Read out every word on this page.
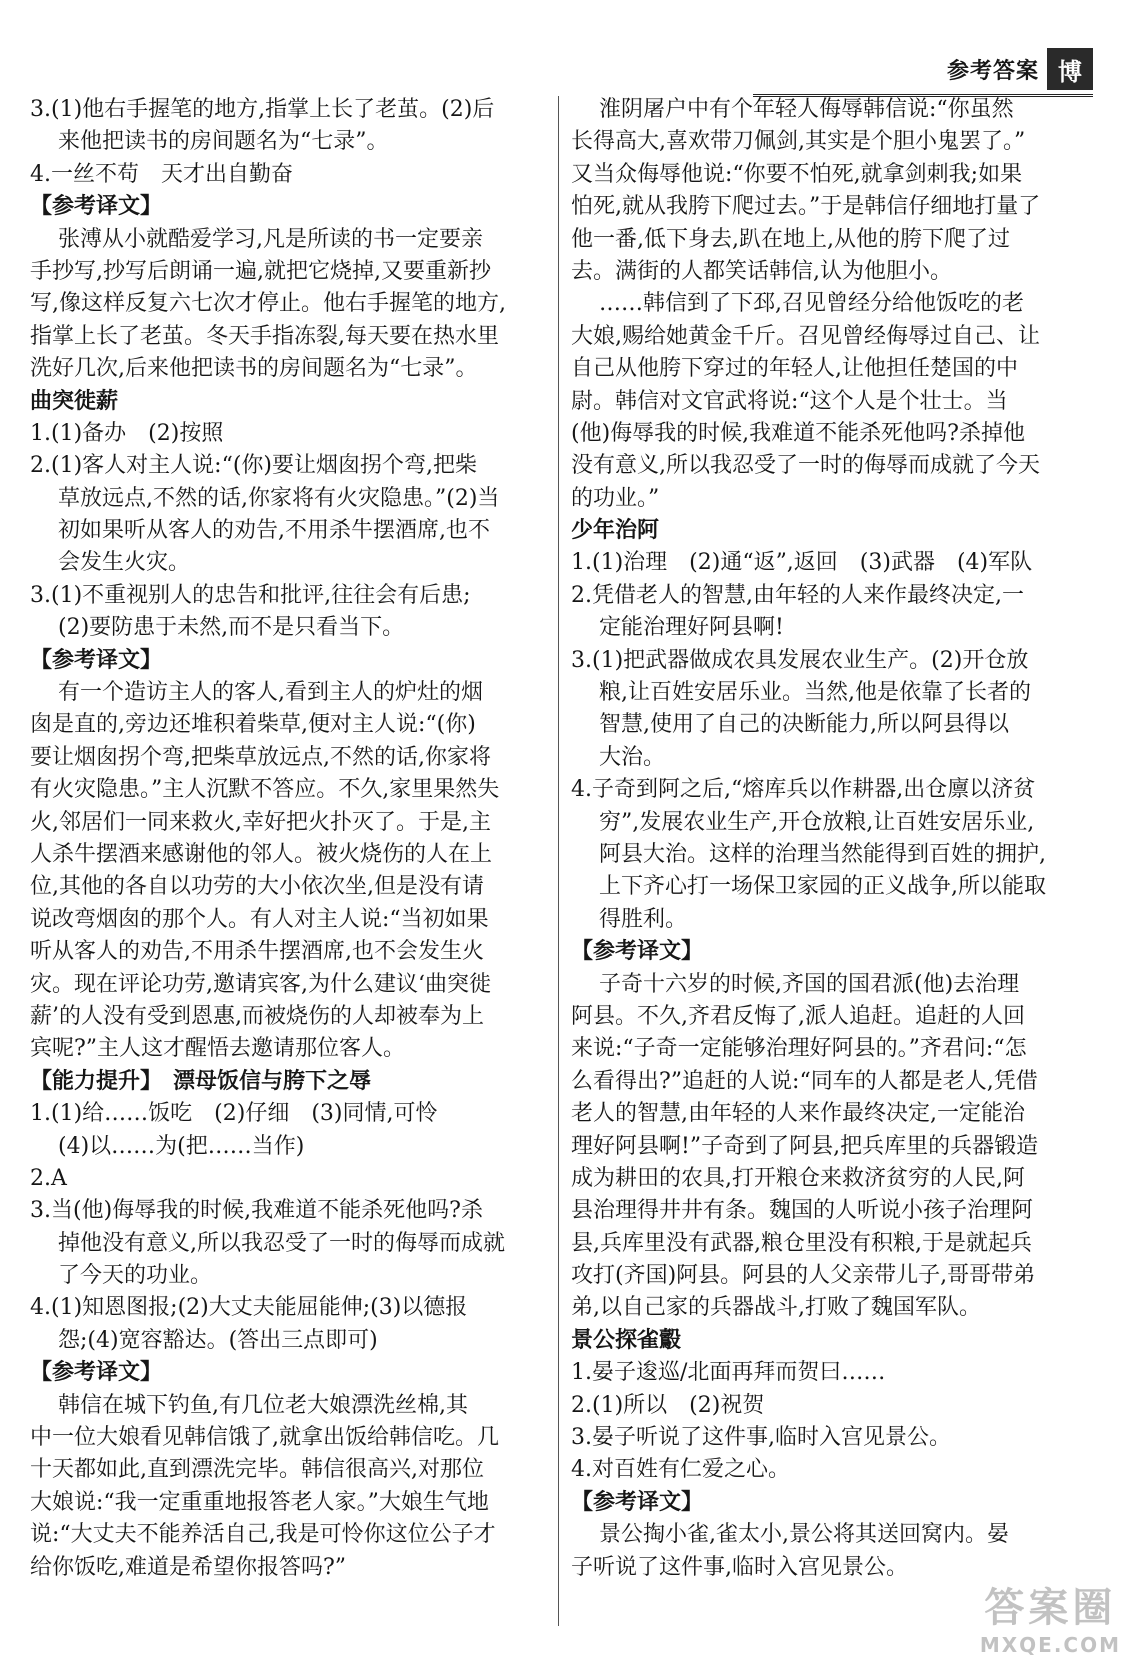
参考答案 博
3.(1)他右手握笔的地方,指掌上长了老茧。(2)后
来他把读书的房间题名为“七录”。
4.一丝不苟　天才出自勤奋
【参考译文】
张溥从小就酷爱学习,凡是所读的书一定要亲
手抄写,抄写后朗诵一遍,就把它烧掉,又要重新抄
写,像这样反复六七次才停止。他右手握笔的地方,
指掌上长了老茧。冬天手指冻裂,每天要在热水里
洗好几次,后来他把读书的房间题名为“七录”。
曲突徙薪
1.(1)备办　(2)按照
2.(1)客人对主人说:“(你)要让烟囱拐个弯,把柴
草放远点,不然的话,你家将有火灾隐患。”(2)当
初如果听从客人的劝告,不用杀牛摆酒席,也不
会发生火灾。
3.(1)不重视别人的忠告和批评,往往会有后患;
(2)要防患于未然,而不是只看当下。
【参考译文】
有一个造访主人的客人,看到主人的炉灶的烟
囱是直的,旁边还堆积着柴草,便对主人说:“(你)
要让烟囱拐个弯,把柴草放远点,不然的话,你家将
有火灾隐患。”主人沉默不答应。不久,家里果然失
火,邻居们一同来救火,幸好把火扑灭了。于是,主
人杀牛摆酒来感谢他的邻人。被火烧伤的人在上
位,其他的各自以功劳的大小依次坐,但是没有请
说改弯烟囱的那个人。有人对主人说:“当初如果
听从客人的劝告,不用杀牛摆酒席,也不会发生火
灾。现在评论功劳,邀请宾客,为什么建议‘曲突徙
薪’的人没有受到恩惠,而被烧伤的人却被奉为上
宾呢?”主人这才醒悟去邀请那位客人。
【能力提升】　漂母饭信与胯下之辱
1.(1)给……饭吃　(2)仔细　(3)同情,可怜
(4)以……为(把……当作)
2.A
3.当(他)侮辱我的时候,我难道不能杀死他吗?杀
掉他没有意义,所以我忍受了一时的侮辱而成就
了今天的功业。
4.(1)知恩图报;(2)大丈夫能屈能伸;(3)以德报
怨;(4)宽容豁达。(答出三点即可)
【参考译文】
韩信在城下钓鱼,有几位老大娘漂洗丝棉,其
中一位大娘看见韩信饿了,就拿出饭给韩信吃。几
十天都如此,直到漂洗完毕。韩信很高兴,对那位
大娘说:“我一定重重地报答老人家。”大娘生气地
说:“大丈夫不能养活自己,我是可怜你这位公子才
给你饭吃,难道是希望你报答吗?”
淮阴屠户中有个年轻人侮辱韩信说:“你虽然
长得高大,喜欢带刀佩剑,其实是个胆小鬼罢了。”
又当众侮辱他说:“你要不怕死,就拿剑刺我;如果
怕死,就从我胯下爬过去。”于是韩信仔细地打量了
他一番,低下身去,趴在地上,从他的胯下爬了过
去。满街的人都笑话韩信,认为他胆小。
……韩信到了下邳,召见曾经分给他饭吃的老
大娘,赐给她黄金千斤。召见曾经侮辱过自己、让
自己从他胯下穿过的年轻人,让他担任楚国的中
尉。韩信对文官武将说:“这个人是个壮士。当
(他)侮辱我的时候,我难道不能杀死他吗?杀掉他
没有意义,所以我忍受了一时的侮辱而成就了今天
的功业。”
少年治阿
1.(1)治理　(2)通“返”,返回　(3)武器　(4)军队
2.凭借老人的智慧,由年轻的人来作最终决定,一
定能治理好阿县啊!
3.(1)把武器做成农具发展农业生产。(2)开仓放
粮,让百姓安居乐业。当然,他是依靠了长者的
智慧,使用了自己的决断能力,所以阿县得以
大治。
4.子奇到阿之后,“熔库兵以作耕器,出仓廪以济贫
穷”,发展农业生产,开仓放粮,让百姓安居乐业,
阿县大治。这样的治理当然能得到百姓的拥护,
上下齐心打一场保卫家园的正义战争,所以能取
得胜利。
【参考译文】
子奇十六岁的时候,齐国的国君派(他)去治理
阿县。不久,齐君反悔了,派人追赶。追赶的人回
来说:“子奇一定能够治理好阿县的。”齐君问:“怎
么看得出?”追赶的人说:“同车的人都是老人,凭借
老人的智慧,由年轻的人来作最终决定,一定能治
理好阿县啊!”子奇到了阿县,把兵库里的兵器锻造
成为耕田的农具,打开粮仓来救济贫穷的人民,阿
县治理得井井有条。魏国的人听说小孩子治理阿
县,兵库里没有武器,粮仓里没有积粮,于是就起兵
攻打(齐国)阿县。阿县的人父亲带儿子,哥哥带弟
弟,以自己家的兵器战斗,打败了魏国军队。
景公探雀鷇
1.晏子逡巡/北面再拜而贺曰……
2.(1)所以　(2)祝贺
3.晏子听说了这件事,临时入宫见景公。
4.对百姓有仁爱之心。
【参考译文】
景公掏小雀,雀太小,景公将其送回窝内。晏
子听说了这件事,临时入宫见景公。
答案圈
MXQE.COM
